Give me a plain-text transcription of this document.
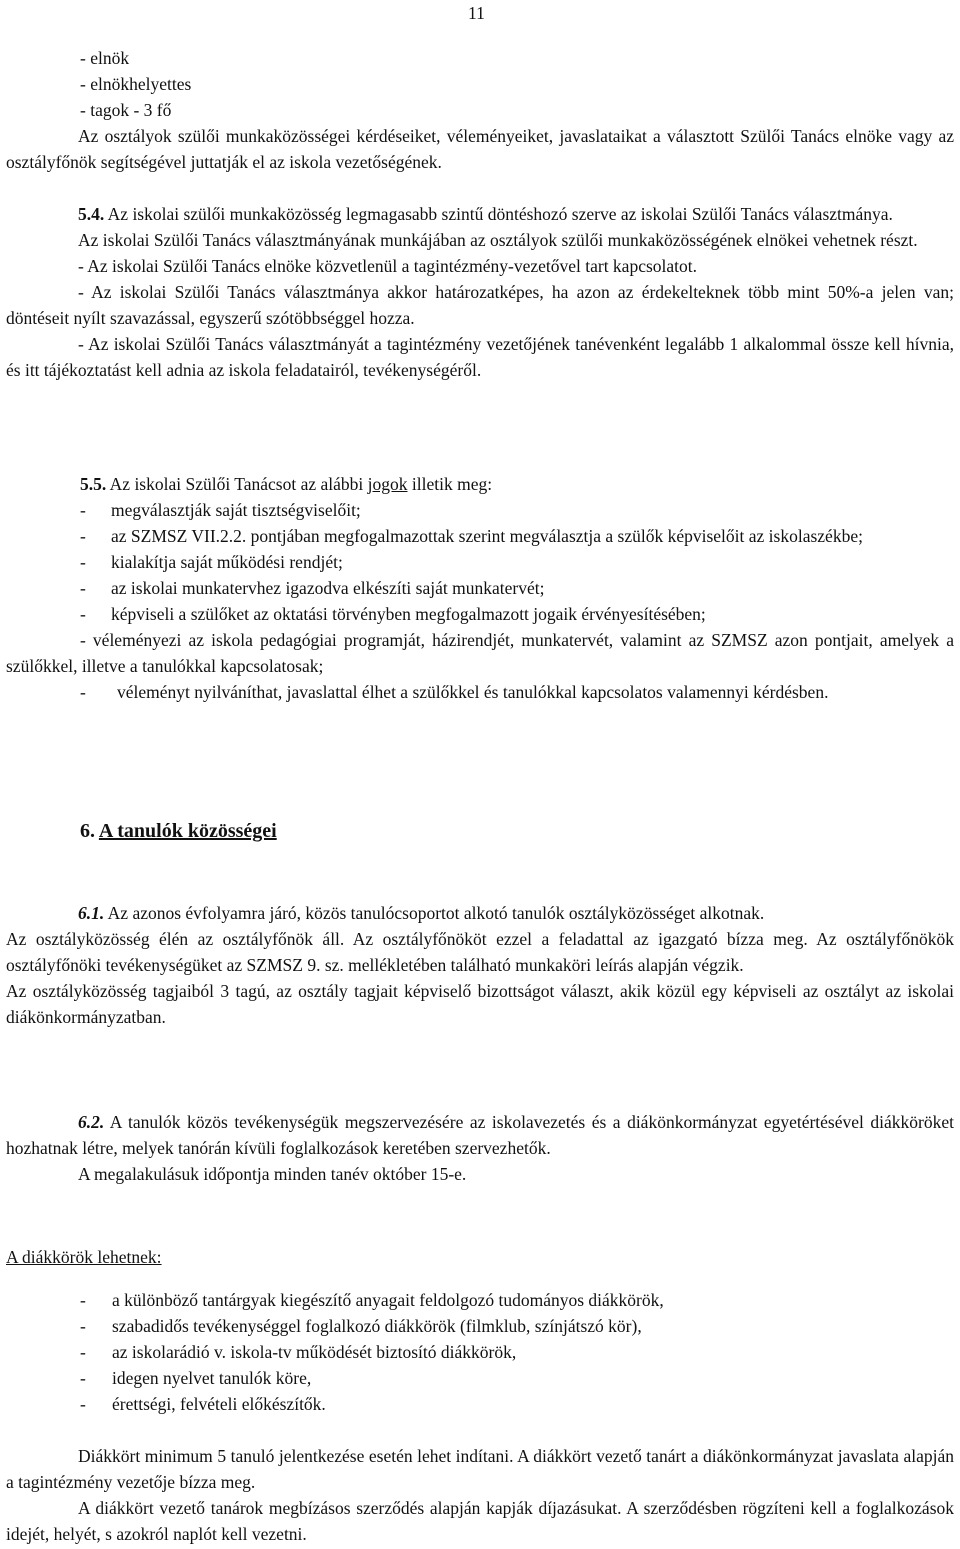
11

- elnök

- elnökhelyettes

- tagok - 3 fő

Az osztályok szülői munkaközösségei kérdéseiket, véleményeiket, javaslataikat a választott Szülői Tanács elnöke vagy az osztályfőnök segítségével juttatják el az iskola vezetőségének.

5.4. Az iskolai szülői munkaközösség legmagasabb szintű döntéshozó szerve az iskolai Szülői Tanács választmánya.

Az iskolai Szülői Tanács választmányának munkájában az osztályok szülői munkaközösségének elnökei vehetnek részt.

- Az iskolai Szülői Tanács elnöke közvetlenül a tagintézmény-vezetővel tart kapcsolatot.

- Az iskolai Szülői Tanács választmánya akkor határozatképes, ha azon az érdekelteknek több mint 50%-a jelen van; döntéseit nyílt szavazással, egyszerű szótöbbséggel hozza.

- Az iskolai Szülői Tanács választmányát a tagintézmény vezetőjének tanévenként legalább 1 alkalommal össze kell hívnia, és itt tájékoztatást kell adnia az iskola feladatairól, tevékenységéről.

5.5. Az iskolai Szülői Tanácsot az alábbi jogok illetik meg:

- megválasztják saját tisztségviselőit;

- az SZMSZ VII.2.2. pontjában megfogalmazottak szerint megválasztja a szülők képviselőit az iskolaszékbe;

- kialakítja saját működési rendjét;

- az iskolai munkatervhez igazodva elkészíti saját munkatervét;

- képviseli a szülőket az oktatási törvényben megfogalmazott jogaik érvényesítésében;

- véleményezi az iskola pedagógiai programját, házirendjét, munkatervét, valamint az SZMSZ azon pontjait, amelyek a szülőkkel, illetve a tanulókkal kapcsolatosak;

- véleményt nyilváníthat, javaslattal élhet a szülőkkel és tanulókkal kapcsolatos valamennyi kérdésben.

6. A tanulók közösségei

6.1. Az azonos évfolyamra járó, közös tanulócsoportot alkotó tanulók osztályközösséget alkotnak.

Az osztályközösség élén az osztályfőnök áll. Az osztályfőnököt ezzel a feladattal az igazgató bízza meg. Az osztályfőnökök osztályfőnöki tevékenységüket az SZMSZ 9. sz. mellékletében található munkaköri leírás alapján végzik.

Az osztályközösség tagjaiból 3 tagú, az osztály tagjait képviselő bizottságot választ, akik közül egy képviseli az osztályt az iskolai diákönkormányzatban.

6.2. A tanulók közös tevékenységük megszervezésére az iskolavezetés és a diákönkormányzat egyetértésével diákköröket hozhatnak létre, melyek tanórán kívüli foglalkozások keretében szervezhetők.

A megalakulásuk időpontja minden tanév október 15-e.

A diákkörök lehetnek:

- a különböző tantárgyak kiegészítő anyagait feldolgozó tudományos diákkörök,

- szabadidős tevékenységgel foglalkozó diákkörök (filmklub, színjátszó kör),

- az iskolarádió v. iskola-tv működését biztosító diákkörök,

- idegen nyelvet tanulók köre,

- érettségi, felvételi előkészítők.

Diákkört minimum 5 tanuló jelentkezése esetén lehet indítani. A diákkört vezető tanárt a diákönkormányzat javaslata alapján a tagintézmény vezetője bízza meg.

A diákkört vezető tanárok megbízásos szerződés alapján kapják díjazásukat. A szerződésben rögzíteni kell a foglalkozások idejét, helyét, s azokról naplót kell vezetni.
